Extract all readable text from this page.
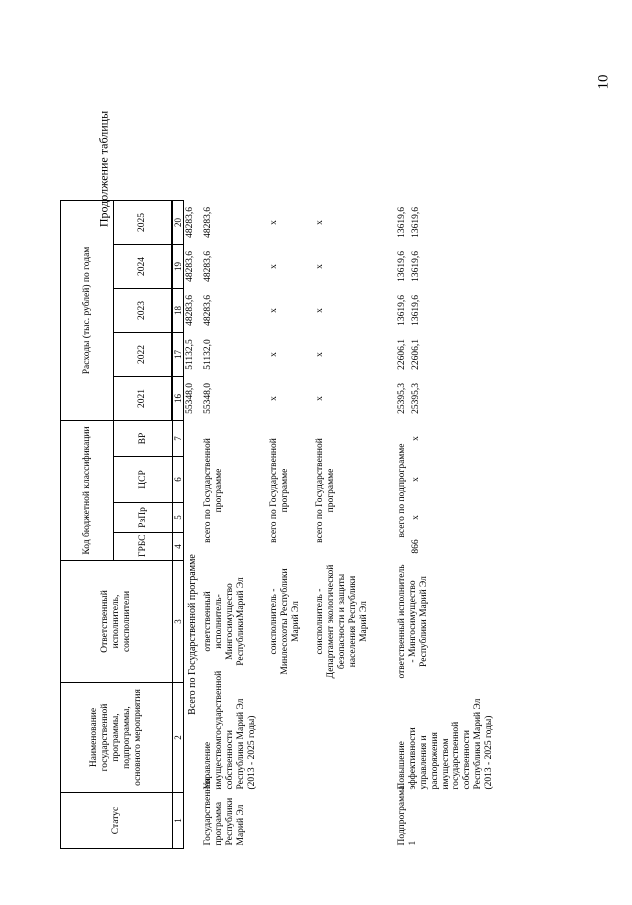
10
Продолжение таблицы
Статус	Наименование государственной программы, подпрограммы, основного мероприятия	Ответственный исполнитель, соисполнители	Код бюджетной классификации				Расходы (тыс. рублей) по годам					
			ГРБС	РзПр	ЦСР	ВР	2021	2022	2023	2024	2025	

1	2	3	4	5	6	7	16	17	18	19	20	
Всего по Государственной программе							55348,0	51132,5	48283,6	48283,6	48283,6	
Государственная программа Республики Марий Эл	Управление имуществомгосударственной собственности Республики Марий Эл (2013 - 2025 годы)	ответственный исполнитель- Мингосимущество РеспубликиМарий Эл	всего по Государственной программе				55348,0	51132,0	48283,6	48283,6	48283,6	
		соисполнитель - Минлесохоты Республики Марий Эл	всего по Государственной программе				x	x	x	x	x	
		соисполнитель - Департамент экологической безопасности и защиты населения Республики Марий Эл	всего по Государственной программе				x	x	x	x	x	
Подпрограмма 1	Повышение эффективности управления и распоряжения имуществом государственной собственности Республики Марий Эл (2013 - 2025 годы)	ответственный исполнитель - Мингосимущество Республики Марий Эл	всего по подпрограмме				25395,3	22606,1	13619,6	13619,6	13619,6	
			866	x	x	x	25395,3	22606,1	13619,6	13619,6	13619,6	
